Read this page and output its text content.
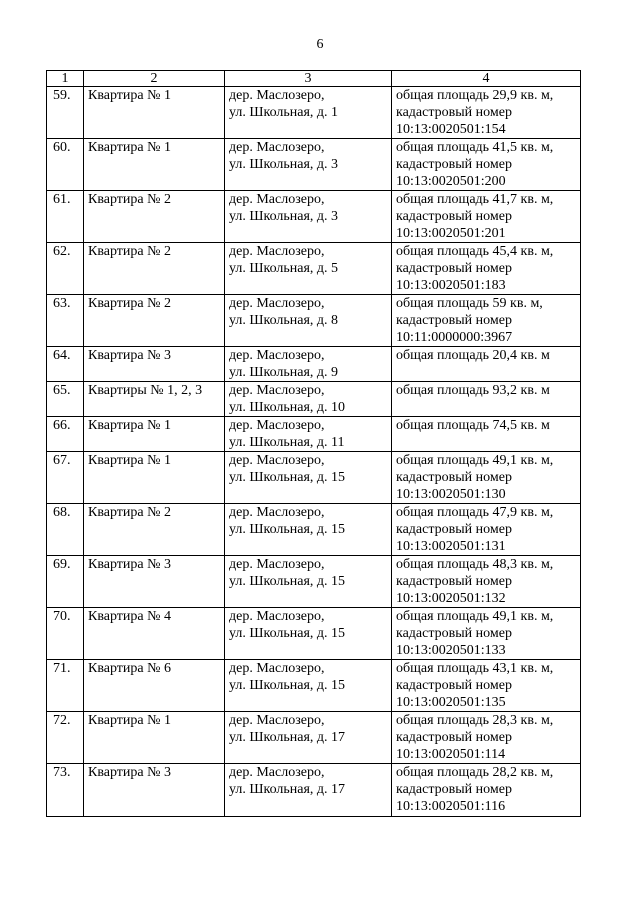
6
1	2	3	4
59.	Квартира № 1	дер. Маслозеро,
ул. Школьная, д. 1	общая площадь 29,9 кв. м,
кадастровый номер
10:13:0020501:154

60.	Квартира № 1	дер. Маслозеро,
ул. Школьная, д. 3	общая площадь 41,5 кв. м,
кадастровый номер
10:13:0020501:200

61.	Квартира № 2	дер. Маслозеро,
ул. Школьная, д. 3	общая площадь 41,7 кв. м,
кадастровый номер
10:13:0020501:201

62.	Квартира № 2	дер. Маслозеро,
ул. Школьная, д. 5	общая площадь 45,4 кв. м,
кадастровый номер
10:13:0020501:183

63.	Квартира № 2	дер. Маслозеро,
ул. Школьная, д. 8	общая площадь 59 кв. м,
кадастровый номер
10:11:0000000:3967

64.	Квартира № 3	дер. Маслозеро,
ул. Школьная, д. 9	общая площадь 20,4 кв. м

65.	Квартиры № 1, 2, 3	дер. Маслозеро,
ул. Школьная, д. 10	общая площадь 93,2 кв. м

66.	Квартира № 1	дер. Маслозеро,
ул. Школьная, д. 11	общая площадь 74,5 кв. м

67.	Квартира № 1	дер. Маслозеро,
ул. Школьная, д. 15	общая площадь 49,1 кв. м,
кадастровый номер
10:13:0020501:130

68.	Квартира № 2	дер. Маслозеро,
ул. Школьная, д. 15	общая площадь 47,9 кв. м,
кадастровый номер
10:13:0020501:131

69.	Квартира № 3	дер. Маслозеро,
ул. Школьная, д. 15	общая площадь 48,3 кв. м,
кадастровый номер
10:13:0020501:132

70.	Квартира № 4	дер. Маслозеро,
ул. Школьная, д. 15	общая площадь 49,1 кв. м,
кадастровый номер
10:13:0020501:133

71.	Квартира № 6	дер. Маслозеро,
ул. Школьная, д. 15	общая площадь 43,1 кв. м,
кадастровый номер
10:13:0020501:135

72.	Квартира № 1	дер. Маслозеро,
ул. Школьная, д. 17	общая площадь 28,3 кв. м,
кадастровый номер
10:13:0020501:114

73.	Квартира № 3	дер. Маслозеро,
ул. Школьная, д. 17	общая площадь 28,2 кв. м,
кадастровый номер
10:13:0020501:116
